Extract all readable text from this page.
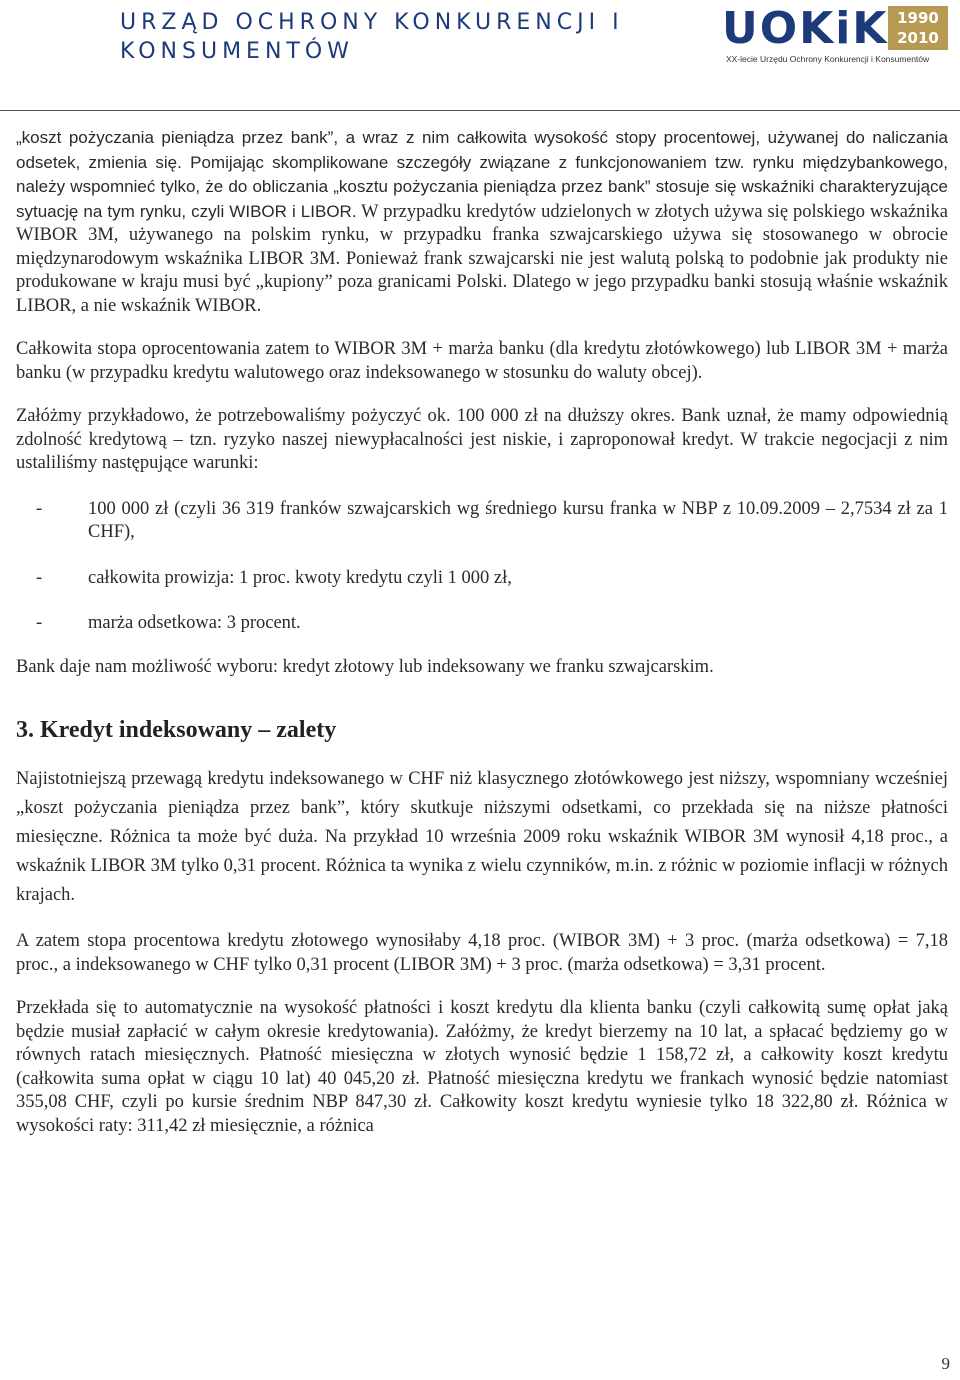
URZĄD OCHRONY KONKURENCJI I
KONSUMENTÓW	UOKiK 1990
2010
XX-lecie Urzędu Ochrony Konkurencji i Konsumentów

„koszt pożyczania pieniądza przez bank”, a wraz z nim całkowita wysokość stopy procentowej, używanej do naliczania odsetek, zmienia się. Pomijając skomplikowane szczegóły związane z funkcjonowaniem tzw. rynku międzybankowego, należy wspomnieć tylko, że do obliczania „kosztu pożyczania pieniądza przez bank” stosuje się wskaźniki charakteryzujące sytuację na tym rynku, czyli WIBOR i LIBOR. W przypadku kredytów udzielonych w złotych używa się polskiego wskaźnika WIBOR 3M, używanego na polskim rynku, w przypadku franka szwajcarskiego używa się stosowanego w obrocie międzynarodowym wskaźnika LIBOR 3M. Ponieważ frank szwajcarski nie jest walutą polską to podobnie jak produkty nie produkowane w kraju musi być „kupiony” poza granicami Polski. Dlatego w jego przypadku banki stosują właśnie wskaźnik LIBOR, a nie wskaźnik WIBOR.

Całkowita stopa oprocentowania zatem to WIBOR 3M + marża banku (dla kredytu złotówkowego) lub LIBOR 3M + marża banku (w przypadku kredytu walutowego oraz indeksowanego w stosunku do waluty obcej).

Załóżmy przykładowo, że potrzebowaliśmy pożyczyć ok. 100 000 zł na dłuższy okres. Bank uznał, że mamy odpowiednią zdolność kredytową – tzn. ryzyko naszej niewypłacalności jest niskie, i zaproponował kredyt. W trakcie negocjacji z nim ustaliliśmy następujące warunki:

- 100 000 zł (czyli 36 319 franków szwajcarskich wg średniego kursu franka w NBP z 10.09.2009 – 2,7534 zł za 1 CHF),
- całkowita prowizja: 1 proc. kwoty kredytu czyli 1 000 zł,
- marża odsetkowa: 3 procent.

Bank daje nam możliwość wyboru: kredyt złotowy lub indeksowany we franku szwajcarskim.

3. Kredyt indeksowany – zalety

Najistotniejszą przewagą kredytu indeksowanego w CHF niż klasycznego złotówkowego jest niższy, wspomniany wcześniej „koszt pożyczania pieniądza przez bank”, który skutkuje niższymi odsetkami, co przekłada się na niższe płatności miesięczne. Różnica ta może być duża. Na przykład 10 września 2009 roku wskaźnik WIBOR 3M wynosił 4,18 proc., a wskaźnik LIBOR 3M tylko 0,31 procent. Różnica ta wynika z wielu czynników, m.in. z różnic w poziomie inflacji w różnych krajach.

A zatem stopa procentowa kredytu złotowego wynosiłaby 4,18 proc. (WIBOR 3M) + 3 proc. (marża odsetkowa) = 7,18 proc., a indeksowanego w CHF tylko 0,31 procent (LIBOR 3M) + 3 proc. (marża odsetkowa) = 3,31 procent.

Przekłada się to automatycznie na wysokość płatności i koszt kredytu dla klienta banku (czyli całkowitą sumę opłat jaką będzie musiał zapłacić w całym okresie kredytowania). Załóżmy, że kredyt bierzemy na 10 lat, a spłacać będziemy go w równych ratach miesięcznych. Płatność miesięczna w złotych wynosić będzie 1 158,72 zł, a całkowity koszt kredytu (całkowita suma opłat w ciągu 10 lat) 40 045,20 zł. Płatność miesięczna kredytu we frankach wynosić będzie natomiast 355,08 CHF, czyli po kursie średnim NBP 847,30 zł. Całkowity koszt kredytu wyniesie tylko 18 322,80 zł. Różnica w wysokości raty: 311,42 zł miesięcznie, a różnica

9
